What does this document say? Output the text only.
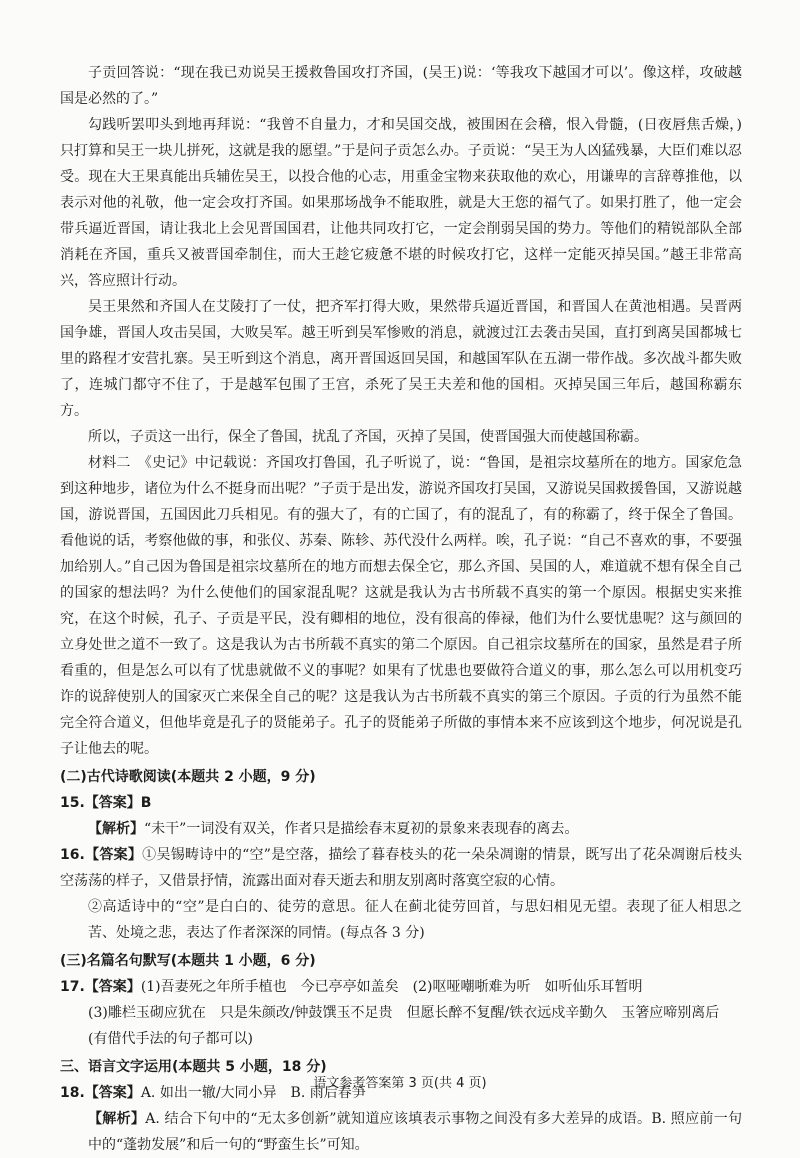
子贡回答说：“现在我已劝说吴王援救鲁国攻打齐国，(吴王)说：‘等我攻下越国才可以’。像这样，攻破越国是必然的了。”

勾践听罢叩头到地再拜说：“我曾不自量力，才和吴国交战，被围困在会稽，恨入骨髓，(日夜唇焦舌燥，)只打算和吴王一块儿拼死，这就是我的愿望。”于是问子贡怎么办。子贡说：“吴王为人凶猛残暴，大臣们难以忍受。现在大王果真能出兵辅佐吴王，以投合他的心志，用重金宝物来获取他的欢心，用谦卑的言辞尊推他，以表示对他的礼敬，他一定会攻打齐国。如果那场战争不能取胜，就是大王您的福气了。如果打胜了，他一定会带兵逼近晋国，请让我北上会见晋国国君，让他共同攻打它，一定会削弱吴国的势力。等他们的精锐部队全部消耗在齐国，重兵又被晋国牵制住，而大王趁它疲惫不堪的时候攻打它，这样一定能灭掉吴国。”越王非常高兴，答应照计行动。

吴王果然和齐国人在艾陵打了一仗，把齐军打得大败，果然带兵逼近晋国，和晋国人在黄池相遇。吴晋两国争雄，晋国人攻击吴国，大败吴军。越王听到吴军惨败的消息，就渡过江去袭击吴国，直打到离吴国都城七里的路程才安营扎寨。吴王听到这个消息，离开晋国返回吴国，和越国军队在五湖一带作战。多次战斗都失败了，连城门都守不住了，于是越军包围了王宫，杀死了吴王夫差和他的国相。灭掉吴国三年后，越国称霸东方。

所以，子贡这一出行，保全了鲁国，扰乱了齐国，灭掉了吴国，使晋国强大而使越国称霸。

材料二　《史记》中记载说：齐国攻打鲁国，孔子听说了，说：“鲁国，是祖宗坟墓所在的地方。国家危急到这种地步，诸位为什么不挺身而出呢？”子贡于是出发，游说齐国攻打吴国，又游说吴国救援鲁国，又游说越国，游说晋国，五国因此刀兵相见。有的强大了，有的亡国了，有的混乱了，有的称霸了，终于保全了鲁国。看他说的话，考察他做的事，和张仪、苏秦、陈轸、苏代没什么两样。唉，孔子说：“自己不喜欢的事，不要强加给别人。”自己因为鲁国是祖宗坟墓所在的地方而想去保全它，那么齐国、吴国的人，难道就不想有保全自己的国家的想法吗？为什么使他们的国家混乱呢？这就是我认为古书所载不真实的第一个原因。根据史实来推究，在这个时候，孔子、子贡是平民，没有卿相的地位，没有很高的俸禄，他们为什么要忧患呢？这与颜回的立身处世之道不一致了。这是我认为古书所载不真实的第二个原因。自己祖宗坟墓所在的国家，虽然是君子所看重的，但是怎么可以有了忧患就做不义的事呢？如果有了忧患也要做符合道义的事，那么怎么可以用机变巧诈的说辞使别人的国家灭亡来保全自己的呢？这是我认为古书所载不真实的第三个原因。子贡的行为虽然不能完全符合道义，但他毕竟是孔子的贤能弟子。孔子的贤能弟子所做的事情本来不应该到这个地步，何况说是孔子让他去的呢。

(二)古代诗歌阅读(本题共 2 小题，9 分)

15.【答案】B

【解析】“未干”一词没有双关，作者只是描绘春末夏初的景象来表现春的离去。

16.【答案】①吴锡畴诗中的“空”是空落，描绘了暮春枝头的花一朵朵凋谢的情景，既写出了花朵凋谢后枝头空荡荡的样子，又借景抒情，流露出面对春天逝去和朋友别离时落寞空寂的心情。

②高适诗中的“空”是白白的、徒劳的意思。征人在蓟北徒劳回首，与思妇相见无望。表现了征人相思之苦、处境之悲，表达了作者深深的同情。(每点各 3 分)

(三)名篇名句默写(本题共 1 小题，6 分)

17.【答案】(1)吾妻死之年所手植也　今已亭亭如盖矣　(2)呕哑嘲哳难为听　如听仙乐耳暂明

(3)雕栏玉砌应犹在　只是朱颜改/钟鼓馔玉不足贵　但愿长醉不复醒/铁衣远戍辛勤久　玉箸应啼别离后

(有借代手法的句子都可以)

三、语言文字运用(本题共 5 小题，18 分)

18.【答案】A. 如出一辙/大同小异　B. 雨后春笋

【解析】A. 结合下句中的“无太多创新”就知道应该填表示事物之间没有多大差异的成语。B. 照应前一句中的“蓬勃发展”和后一句的“野蛮生长”可知。

语文参考答案第 3 页(共 4 页)
